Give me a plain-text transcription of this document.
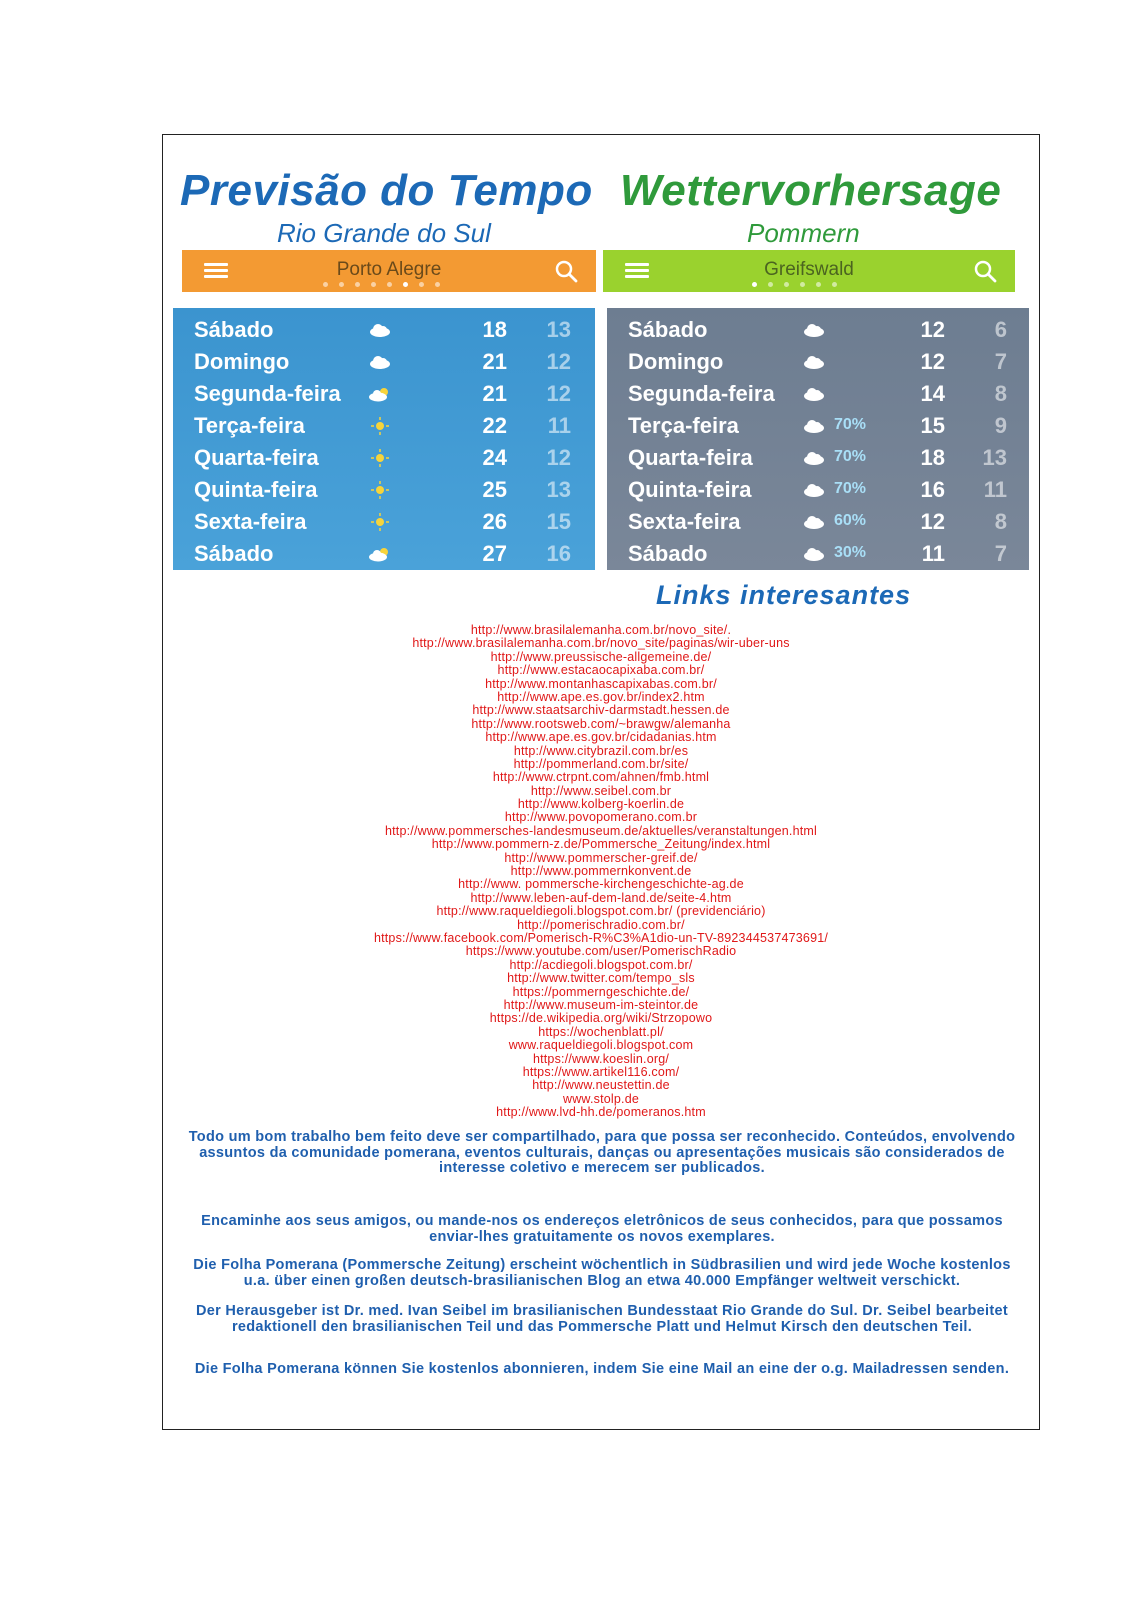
Previsão do Tempo Wettervorhersage
Rio Grande do Sul	Pommern
Porto Alegre	Greifswald
Sábado	18	13
Domingo	21	12
Segunda-feira	21	12
Terça-feira	22	11
Quarta-feira	24	12
Quinta-feira	25	13
Sexta-feira	26	15
Sábado	27	16
Sábado	12	6
Domingo	12	7
Segunda-feira	14	8
Terça-feira	70%	15	9
Quarta-feira	70%	18	13
Quinta-feira	70%	16	11
Sexta-feira	60%	12	8
Sábado	30%	11	7
Links interesantes
http://www.brasilalemanha.com.br/novo_site/.
http://www.brasilalemanha.com.br/novo_site/paginas/wir-uber-uns
http://www.preussische-allgemeine.de/
http://www.estacaocapixaba.com.br/
http://www.montanhascapixabas.com.br/
http://www.ape.es.gov.br/index2.htm
http://www.staatsarchiv-darmstadt.hessen.de
http://www.rootsweb.com/~brawgw/alemanha
http://www.ape.es.gov.br/cidadanias.htm
http://www.citybrazil.com.br/es
http://pommerland.com.br/site/
http://www.ctrpnt.com/ahnen/fmb.html
http://www.seibel.com.br
http://www.kolberg-koerlin.de
http://www.povopomerano.com.br
http://www.pommersches-landesmuseum.de/aktuelles/veranstaltungen.html
http://www.pommern-z.de/Pommersche_Zeitung/index.html
http://www.pommerscher-greif.de/
http://www.pommernkonvent.de
http://www. pommersche-kirchengeschichte-ag.de
http://www.leben-auf-dem-land.de/seite-4.htm
http://www.raqueldiegoli.blogspot.com.br/ (previdenciário)
http://pomerischradio.com.br/
https://www.facebook.com/Pomerisch-R%C3%A1dio-un-TV-892344537473691/
https://www.youtube.com/user/PomerischRadio
http://acdiegoli.blogspot.com.br/
http://www.twitter.com/tempo_sls
https://pommerngeschichte.de/
http://www.museum-im-steintor.de
https://de.wikipedia.org/wiki/Strzopowo
https://wochenblatt.pl/
www.raqueldiegoli.blogspot.com
https://www.koeslin.org/
https://www.artikel116.com/
http://www.neustettin.de
www.stolp.de
http://www.lvd-hh.de/pomeranos.htm
Todo um bom trabalho bem feito deve ser compartilhado, para que possa ser reconhecido. Conteúdos, envolvendo assuntos da comunidade pomerana, eventos culturais, danças ou apresentações musicais são considerados de interesse coletivo e merecem ser publicados.
Encaminhe aos seus amigos, ou mande-nos os endereços eletrônicos de seus conhecidos, para que possamos enviar-lhes gratuitamente os novos exemplares.
Die Folha Pomerana (Pommersche Zeitung) erscheint wöchentlich in Südbrasilien und wird jede Woche kostenlos u.a. über einen großen deutsch-brasilianischen Blog an etwa 40.000 Empfänger weltweit verschickt.
Der Herausgeber ist Dr. med. Ivan Seibel im brasilianischen Bundesstaat Rio Grande do Sul. Dr. Seibel bearbeitet redaktionell den brasilianischen Teil und das Pommersche Platt und Helmut Kirsch den deutschen Teil.
Die Folha Pomerana können Sie kostenlos abonnieren, indem Sie eine Mail an eine der o.g. Mailadressen senden.
